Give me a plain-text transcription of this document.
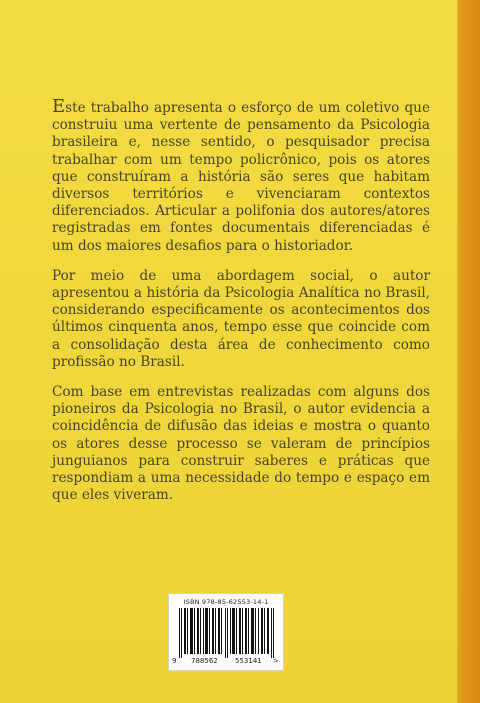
Este trabalho apresenta o esforço de um coletivo que construiu uma vertente de pensamento da Psicologia brasileira e, nesse sentido, o pesquisador precisa trabalhar com um tempo policrônico, pois os atores que construíram a história são seres que habitam diversos territórios e vivenciaram contextos diferenciados. Articular a polifonia dos autores/atores registradas em fontes documentais diferenciadas é um dos maiores desafios para o historiador.

Por meio de uma abordagem social, o autor apresentou a história da Psicologia Analítica no Brasil, considerando especificamente os acontecimentos dos últimos cinquenta anos, tempo esse que coincide com a consolidação desta área de conhecimento como profissão no Brasil.

Com base em entrevistas realizadas com alguns dos pioneiros da Psicologia no Brasil, o autor evidencia a coincidência de difusão das ideias e mostra o quanto os atores desse processo se valeram de princípios junguianos para construir saberes e práticas que respondiam a uma necessidade do tempo e espaço em que eles viveram.

ISBN 978-85-62553-14-1
9 788562 553141 >
